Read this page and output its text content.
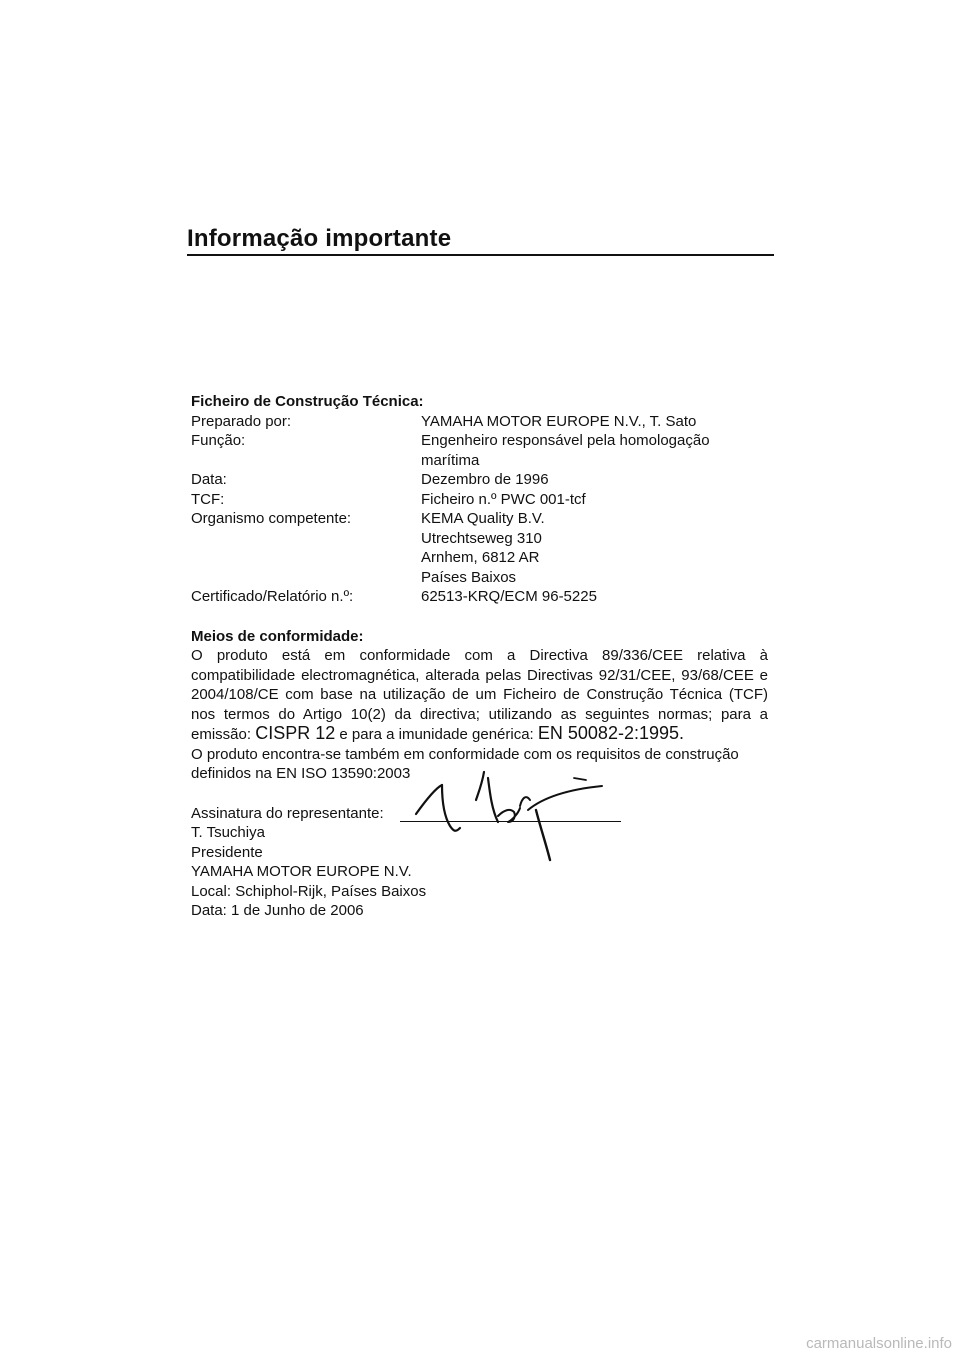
Informação importante
Ficheiro de Construção Técnica:
Preparado por:	YAMAHA MOTOR EUROPE N.V., T. Sato

Função:	Engenheiro responsável pela homologação
marítima

Data:	Dezembro de 1996

TCF:	Ficheiro n.º PWC 001-tcf

Organismo competente:	KEMA Quality B.V.
Utrechtseweg 310
Arnhem, 6812 AR
Países Baixos

Certificado/Relatório n.º:	62513-KRQ/ECM 96-5225
Meios de conformidade:
O produto está em conformidade com a Directiva 89/336/CEE relativa à compatibilidade electromagnética, alterada pelas Directivas 92/31/CEE, 93/68/CEE e 2004/108/CE com base na utilização de um Ficheiro de Construção Técnica (TCF) nos termos do Artigo 10(2) da directiva; utilizando as seguintes normas; para a emissão: CISPR 12 e para a imunidade genérica: EN 50082-2:1995.
O produto encontra-se também em conformidade com os requisitos de construção definidos na EN ISO 13590:2003
Assinatura do representante:
T. Tsuchiya
Presidente
YAMAHA MOTOR EUROPE N.V.
Local: Schiphol-Rijk, Países Baixos
Data: 1 de Junho de 2006
carmanualsonline.info
